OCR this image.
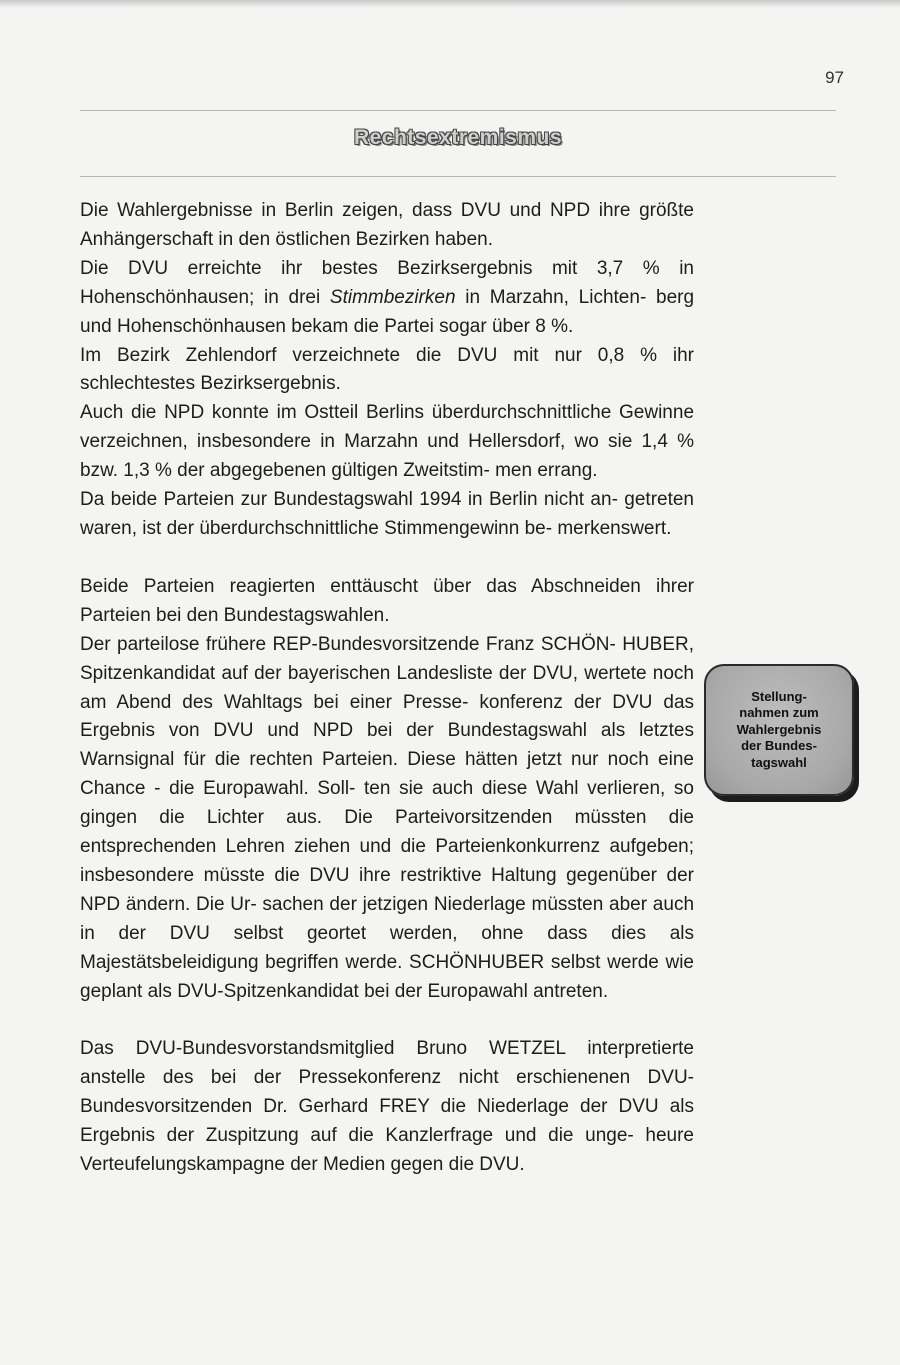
97
Rechtsextremismus

Die Wahlergebnisse in Berlin zeigen, dass DVU und NPD ihre größte Anhängerschaft in den östlichen Bezirken haben.

Die DVU erreichte ihr bestes Bezirksergebnis mit 3,7 % in Hohenschönhausen; in drei Stimmbezirken in Marzahn, Lichten- berg und Hohenschönhausen bekam die Partei sogar über 8 %.

Im Bezirk Zehlendorf verzeichnete die DVU mit nur 0,8 % ihr schlechtestes Bezirksergebnis.

Auch die NPD konnte im Ostteil Berlins überdurchschnittliche Gewinne verzeichnen, insbesondere in Marzahn und Hellersdorf, wo sie 1,4 % bzw. 1,3 % der abgegebenen gültigen Zweitstim- men errang.

Da beide Parteien zur Bundestagswahl 1994 in Berlin nicht an- getreten waren, ist der überdurchschnittliche Stimmengewinn be- merkenswert.

Beide Parteien reagierten enttäuscht über das Abschneiden ihrer Parteien bei den Bundestagswahlen.

Der parteilose frühere REP-Bundesvorsitzende Franz SCHÖN- HUBER, Spitzenkandidat auf der bayerischen Landesliste der DVU, wertete noch am Abend des Wahltags bei einer Presse- konferenz der DVU das Ergebnis von DVU und NPD bei der Bundestagswahl als letztes Warnsignal für die rechten Parteien. Diese hätten jetzt nur noch eine Chance - die Europawahl. Soll- ten sie auch diese Wahl verlieren, so gingen die Lichter aus. Die Parteivorsitzenden müssten die entsprechenden Lehren ziehen und die Parteienkonkurrenz aufgeben; insbesondere müsste die DVU ihre restriktive Haltung gegenüber der NPD ändern. Die Ur- sachen der jetzigen Niederlage müssten aber auch in der DVU selbst geortet werden, ohne dass dies als Majestätsbeleidigung begriffen werde. SCHÖNHUBER selbst werde wie geplant als DVU-Spitzenkandidat bei der Europawahl antreten.

Das DVU-Bundesvorstandsmitglied Bruno WETZEL interpretierte anstelle des bei der Pressekonferenz nicht erschienenen DVU- Bundesvorsitzenden Dr. Gerhard FREY die Niederlage der DVU als Ergebnis der Zuspitzung auf die Kanzlerfrage und die unge- heure Verteufelungskampagne der Medien gegen die DVU.

Stellung-
nahmen zum
Wahlergebnis
der Bundes-
tagswahl
